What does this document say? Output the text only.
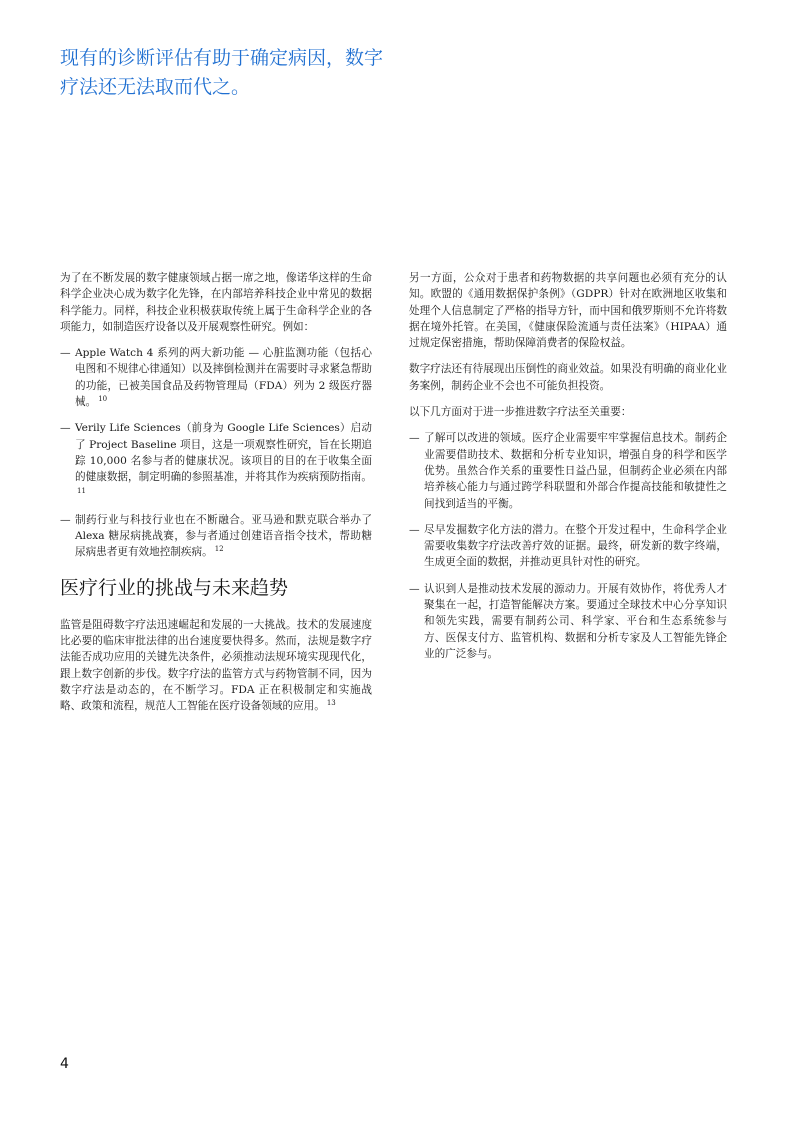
现有的诊断评估有助于确定病因，数字疗法还无法取而代之。

为了在不断发展的数字健康领域占据一席之地，像诺华这样的生命科学企业决心成为数字化先锋，在内部培养科技企业中常见的数据科学能力。同样，科技企业积极获取传统上属于生命科学企业的各项能力，如制造医疗设备以及开展观察性研究。例如：

— Apple Watch 4 系列的两大新功能 — 心脏监测功能（包括心电图和不规律心律通知）以及摔倒检测并在需要时寻求紧急帮助的功能，已被美国食品及药物管理局（FDA）列为 2 级医疗器械。 $^{10}$
— Verily Life Sciences（前身为 Google Life Sciences）启动了 Project Baseline 项目，这是一项观察性研究，旨在长期追踪 10,000 名参与者的健康状况。该项目的目的在于收集全面的健康数据，制定明确的参照基准，并将其作为疾病预防指南。$^{11}$
— 制药行业与科技行业也在不断融合。亚马逊和默克联合举办了 Alexa 糖尿病挑战赛，参与者通过创建语音指令技术，帮助糖尿病患者更有效地控制疾病。 $^{12}$
医疗行业的挑战与未来趋势

监管是阻碍数字疗法迅速崛起和发展的一大挑战。技术的发展速度比必要的临床审批法律的出台速度要快得多。然而，法规是数字疗法能否成功应用的关键先决条件，必须推动法规环境实现现代化，跟上数字创新的步伐。数字疗法的监管方式与药物管制不同，因为数字疗法是动态的，在不断学习。FDA 正在积极制定和实施战略、政策和流程，规范人工智能在医疗设备领域的应用。 $^{13}$

另一方面，公众对于患者和药物数据的共享问题也必须有充分的认知。欧盟的《通用数据保护条例》（GDPR）针对在欧洲地区收集和处理个人信息制定了严格的指导方针，而中国和俄罗斯则不允许将数据在境外托管。在美国，《健康保险流通与责任法案》（HIPAA）通过规定保密措施，帮助保障消费者的保险权益。

数字疗法还有待展现出压倒性的商业效益。如果没有明确的商业化业务案例，制药企业不会也不可能负担投资。

以下几方面对于进一步推进数字疗法至关重要：

— 了解可以改进的领域。医疗企业需要牢牢掌握信息技术。制药企业需要借助技术、数据和分析专业知识，增强自身的科学和医学优势。虽然合作关系的重要性日益凸显，但制药企业必须在内部培养核心能力与通过跨学科联盟和外部合作提高技能和敏捷性之间找到适当的平衡。
— 尽早发掘数字化方法的潜力。在整个开发过程中，生命科学企业需要收集数字疗法改善疗效的证据。最终，研发新的数字终端，生成更全面的数据，并推动更具针对性的研究。
— 认识到人是推动技术发展的源动力。开展有效协作，将优秀人才聚集在一起，打造智能解决方案。要通过全球技术中心分享知识和领先实践，需要有制药公司、科学家、平台和生态系统参与方、医保支付方、监管机构、数据和分析专家及人工智能先锋企业的广泛参与。
4
